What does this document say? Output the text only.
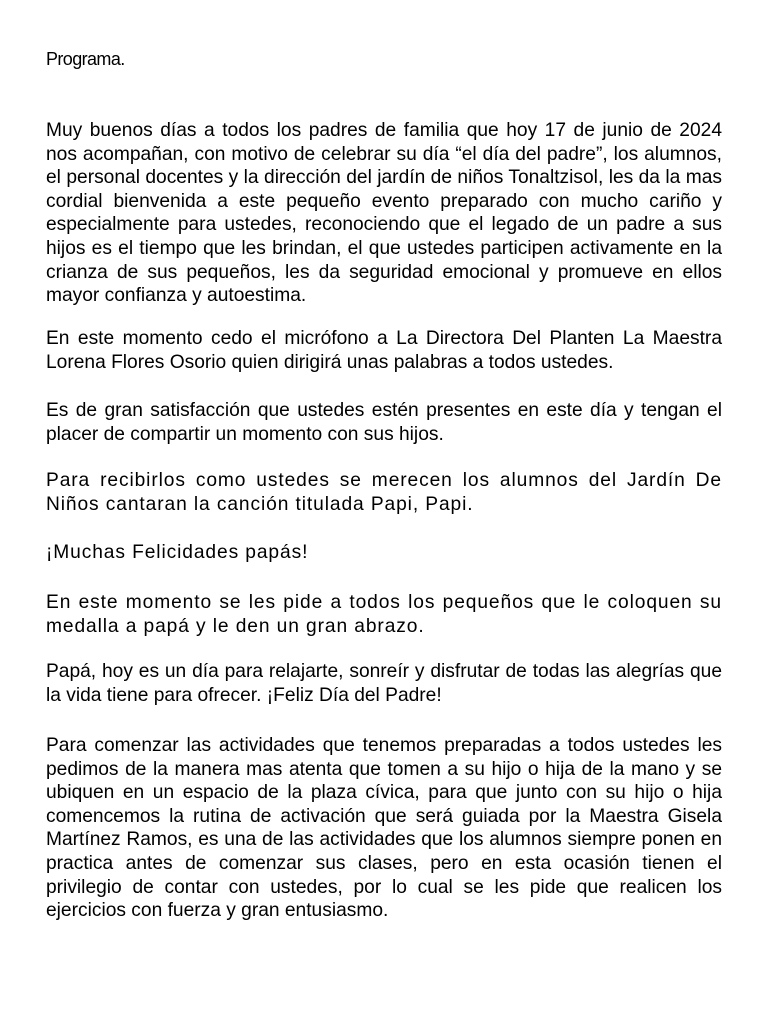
Programa.

Muy buenos días a todos los padres de familia que hoy 17 de junio de 2024 nos acompañan, con motivo de celebrar su día “el día del padre”, los alumnos, el personal docentes y la dirección del jardín de niños Tonaltzisol, les da la mas cordial bienvenida a este pequeño evento preparado con mucho cariño y especialmente para ustedes, reconociendo que el legado de un padre a sus hijos es el tiempo que les brindan, el que ustedes participen activamente en la crianza de sus pequeños, les da seguridad emocional y promueve en ellos mayor confianza y autoestima.

En este momento cedo el micrófono a La Directora Del Planten La Maestra Lorena Flores Osorio quien dirigirá unas palabras a todos ustedes.

Es de gran satisfacción que ustedes estén presentes en este día y tengan el placer de compartir un momento con sus hijos.

Para recibirlos como ustedes se merecen los alumnos del Jardín De Niños cantaran la canción titulada Papi, Papi.

¡Muchas Felicidades papás!

En este momento se les pide a todos los pequeños que le coloquen su medalla a papá y le den un gran abrazo.

Papá, hoy es un día para relajarte, sonreír y disfrutar de todas las alegrías que la vida tiene para ofrecer. ¡Feliz Día del Padre!

Para comenzar las actividades que tenemos preparadas a todos ustedes les pedimos de la manera mas atenta que tomen a su hijo o hija de la mano y se ubiquen en un espacio de la plaza cívica, para que junto con su hijo o hija comencemos la rutina de activación que será guiada por la Maestra Gisela Martínez Ramos, es una de las actividades que los alumnos siempre ponen en practica antes de comenzar sus clases, pero en esta ocasión tienen el privilegio de contar con ustedes, por lo cual se les pide que realicen los ejercicios con fuerza y gran entusiasmo.
